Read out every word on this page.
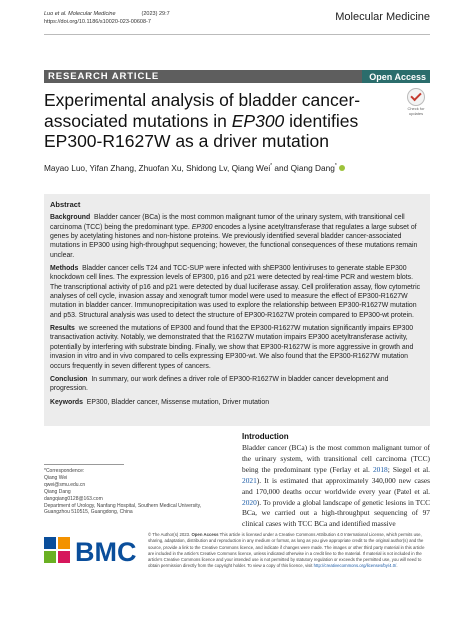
Luo et al. Molecular Medicine	(2023) 29:7
https://doi.org/10.1186/s10020-023-00608-7	Molecular Medicine
RESEARCH ARTICLE	Open Access
Experimental analysis of bladder cancer-associated mutations in EP300 identifies EP300-R1627W as a driver mutation
Check for updates
Mayao Luo, Yifan Zhang, Zhuofan Xu, Shidong Lv, Qiang Wei* and Qiang Dang*
Abstract

Background Bladder cancer (BCa) is the most common malignant tumor of the urinary system, with transitional cell carcinoma (TCC) being the predominant type. EP300 encodes a lysine acetyltransferase that regulates a large subset of genes by acetylating histones and non-histone proteins. We previously identified several bladder cancer-associated mutations in EP300 using high-throughput sequencing; however, the functional consequences of these mutations remain unclear.

Methods Bladder cancer cells T24 and TCC-SUP were infected with shEP300 lentiviruses to generate stable EP300 knockdown cell lines. The expression levels of EP300, p16 and p21 were detected by real-time PCR and western blots. The transcriptional activity of p16 and p21 were detected by dual luciferase assay. Cell proliferation assay, flow cytometric analyses of cell cycle, invasion assay and xenograft tumor model were used to measure the effect of EP300-R1627W mutation in bladder cancer. Immunoprecipitation was used to explore the relationship between EP300-R1627W mutation and p53. Structural analysis was used to detect the structure of EP300-R1627W protein compared to EP300-wt protein.

Results we screened the mutations of EP300 and found that the EP300-R1627W mutation significantly impairs EP300 transactivation activity. Notably, we demonstrated that the R1627W mutation impairs EP300 acetyltransferase activity, potentially by interfering with substrate binding. Finally, we show that EP300-R1627W is more aggressive in growth and invasion in vitro and in vivo compared to cells expressing EP300-wt. We also found that the EP300-R1627W mutation occurs frequently in seven different types of cancers.

Conclusion In summary, our work defines a driver role of EP300-R1627W in bladder cancer development and progression.

Keywords EP300, Bladder cancer, Missense mutation, Driver mutation

Introduction
Bladder cancer (BCa) is the most common malignant tumor of the urinary system, with transitional cell carcinoma (TCC) being the predominant type (Ferlay et al. 2018; Siegel et al. 2021). It is estimated that approximately 340,000 new cases and 170,000 deaths occur worldwide every year (Patel et al. 2020). To provide a global landscape of genetic lesions in TCC BCa, we carried out a high-throughput sequencing of 97 clinical cases with TCC BCa and identified massive
*Correspondence:
Qiang Wei
qwei@smu.edu.cn
Qiang Dang
dangqiang0128@163.com
Department of Urology, Nanfang Hospital, Southern Medical University,
Guangzhou 510515, Guangdong, China
BMC
© The Author(s) 2023. Open Access This article is licensed under a Creative Commons Attribution 4.0 International License, which permits use, sharing, adaptation, distribution and reproduction in any medium or format, as long as you give appropriate credit to the original author(s) and the source, provide a link to the Creative Commons licence, and indicate if changes were made. The images or other third party material in this article are included in the article's Creative Commons licence, unless indicated otherwise in a credit line to the material. If material is not included in the article's Creative Commons licence and your intended use is not permitted by statutory regulation or exceeds the permitted use, you will need to obtain permission directly from the copyright holder. To view a copy of this licence, visit http://creativecommons.org/licenses/by/4.0/.
